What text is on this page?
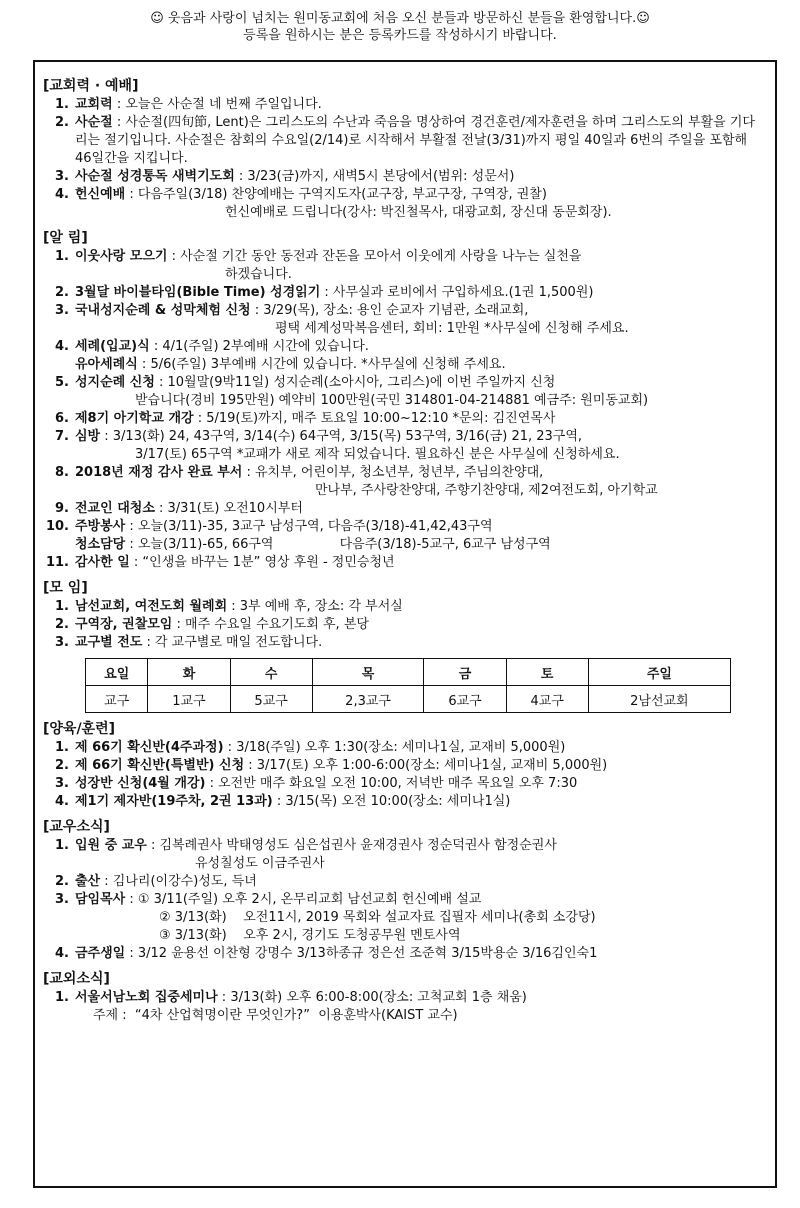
☺ 웃음과 사랑이 넘치는 원미동교회에 처음 오신 분들과 방문하신 분들을 환영합니다.☺
등록을 원하시는 분은 등록카드를 작성하시기 바랍니다.
[교회력 · 예배]
1. 교회력 : 오늘은 사순절 네 번째 주일입니다.
2. 사순절 : 사순절(四旬節, Lent)은 그리스도의 수난과 죽음을 명상하여 경건훈련/제자훈련을 하며 그리스도의 부활을 기다리는 절기입니다. 사순절은 참회의 수요일(2/14)로 시작해서 부활절 전날(3/31)까지 평일 40일과 6번의 주일을 포함해 46일간을 지킵니다.
3. 사순절 성경통독 새벽기도회 : 3/23(금)까지, 새벽5시 본당에서(범위: 성문서)
4. 헌신예배 : 다음주일(3/18) 찬양예배는 구역지도자(교구장, 부교구장, 구역장, 권찰)
헌신예배로 드립니다(강사: 박진철목사, 대광교회, 장신대 동문회장).
[알 림]
1. 이웃사랑 모으기 : 사순절 기간 동안 동전과 잔돈을 모아서 이웃에게 사랑을 나누는 실천을
하겠습니다.
2. 3월달 바이블타임(Bible Time) 성경읽기 : 사무실과 로비에서 구입하세요.(1권 1,500원)
3. 국내성지순례 & 성막체험 신청 : 3/29(목), 장소: 용인 순교자 기념관, 소래교회,
평택 세계성막복음센터, 회비: 1만원 *사무실에 신청해 주세요.
4. 세례(입교)식 : 4/1(주일) 2부예배 시간에 있습니다.
유아세례식 : 5/6(주일) 3부예배 시간에 있습니다. *사무실에 신청해 주세요.
5. 성지순례 신청 : 10월말(9박11일) 성지순례(소아시아, 그리스)에 이번 주일까지 신청
받습니다(경비 195만원) 예약비 100만원(국민 314801-04-214881 예금주: 원미동교회)
6. 제8기 아기학교 개강 : 5/19(토)까지, 매주 토요일 10:00~12:10 *문의: 김진연목사
7. 심방 : 3/13(화) 24, 43구역, 3/14(수) 64구역, 3/15(목) 53구역, 3/16(금) 21, 23구역,
3/17(토) 65구역 *교패가 새로 제작 되었습니다. 필요하신 분은 사무실에 신청하세요.
8. 2018년 재정 감사 완료 부서 : 유치부, 어린이부, 청소년부, 청년부, 주님의찬양대,
만나부, 주사랑찬양대, 주향기찬양대, 제2여전도회, 아기학교
9. 전교인 대청소 : 3/31(토) 오전10시부터
10. 주방봉사 : 오늘(3/11)-35, 3교구 남성구역, 다음주(3/18)-41,42,43구역
청소담당 : 오늘(3/11)-65, 66구역                다음주(3/18)-5교구, 6교구 남성구역
11. 감사한 일 : “인생을 바꾸는 1분” 영상 후원 - 정민승청년
[모 임]
1. 남선교회, 여전도회 월례회 : 3부 예배 후, 장소: 각 부서실
2. 구역장, 권찰모임 : 매주 수요일 수요기도회 후, 본당
3. 교구별 전도 : 각 교구별로 매일 전도합니다.
요일	화	수	목	금	토	주일
교구	1교구	5교구	2,3교구	6교구	4교구	2남선교회
[양육/훈련]
1. 제 66기 확신반(4주과정) : 3/18(주일) 오후 1:30(장소: 세미나1실, 교재비 5,000원)
2. 제 66기 확신반(특별반) 신청 : 3/17(토) 오후 1:00-6:00(장소: 세미나1실, 교재비 5,000원)
3. 성장반 신청(4월 개강) : 오전반 매주 화요일 오전 10:00, 저녁반 매주 목요일 오후 7:30
4. 제1기 제자반(19주차, 2권 13과) : 3/15(목) 오전 10:00(장소: 세미나1실)
[교우소식]
1. 입원 중 교우 : 김복례권사 박태영성도 심은섭권사 윤재경권사 정순덕권사 함정순권사
유성칠성도 이금주권사
2. 출산 : 김나리(이강수)성도, 득녀
3. 담임목사 : ① 3/11(주일) 오후 2시, 온무리교회 남선교회 헌신예배 설교

② 3/13(화)    오전11시, 2019 목회와 설교자료 집필자 세미나(총회 소강당)
③ 3/13(화)    오후 2시, 경기도 도청공무원 멘토사역
4. 금주생일 : 3/12 윤용선 이찬형 강명수 3/13하종규 정은선 조준혁 3/15박용순 3/16김인숙1
[교외소식]
1. 서울서남노회 집중세미나 : 3/13(화) 오후 6:00-8:00(장소: 고척교회 1층 채움)
주제 :  “4차 산업혁명이란 무엇인가?”  이용훈박사(KAIST 교수)
